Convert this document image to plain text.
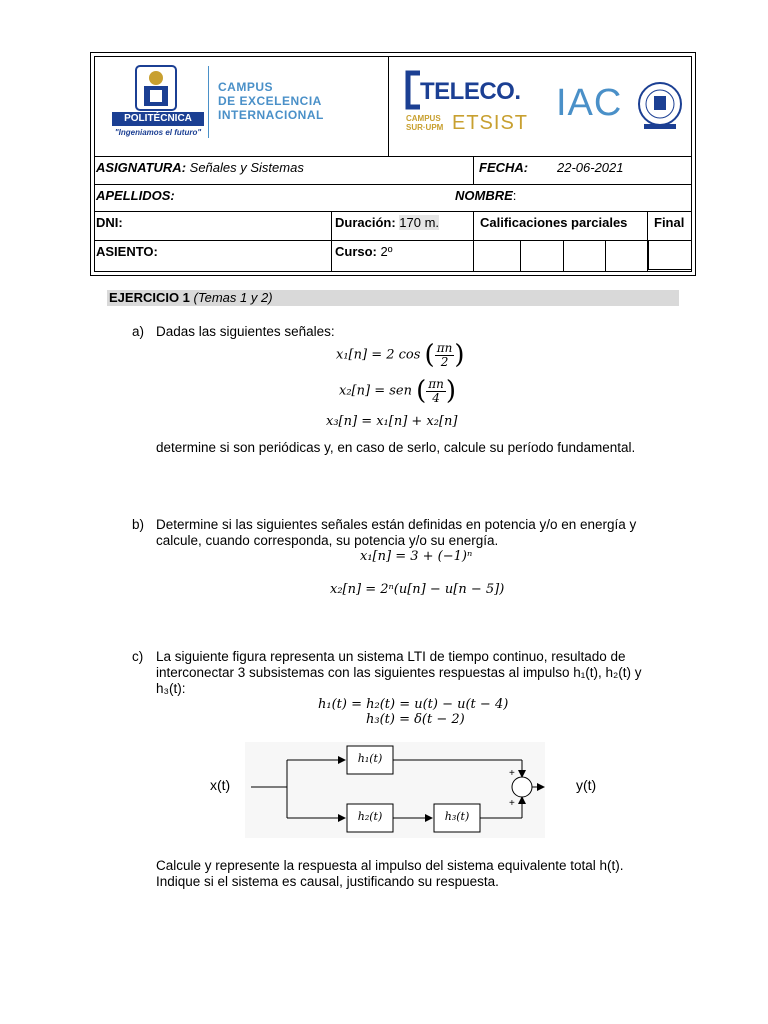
POLITÉCNICA
"Ingeniamos el futuro"
CAMPUS
DE EXCELENCIA
INTERNACIONAL
TELECO.
CAMPUS
SUR·UPM ETSIST IAC
ASIGNATURA: Señales y Sistemas	FECHA: 22-06-2021
APELLIDOS:	NOMBRE:
DNI:	Duración: 170 m.	Calificaciones parciales Final
ASIENTO:	Curso: 2º
EJERCICIO 1 (Temas 1 y 2)
a) Dadas las siguientes señales:
x₁[n] = 2 cos ( $\frac{\pi n}{2}$ )
x₂[n] = sen ( $\frac{\pi n}{4}$ )
x₃[n] = x₁[n] + x₂[n]
determine si son periódicas y, en caso de serlo, calcule su período fundamental.
b) Determine si las siguientes señales están definidas en potencia y/o en energía y
calcule, cuando corresponda, su potencia y/o su energía.
x₁[n] = 3 + (−1)ⁿ
x₂[n] = 2ⁿ(u[n] − u[n − 5])
c) La siguiente figura representa un sistema LTI de tiempo continuo, resultado de
interconectar 3 subsistemas con las siguientes respuestas al impulso h₁(t), h₂(t) y
h₃(t):
h₁(t) = h₂(t) = u(t) − u(t − 4)
h₃(t) = δ(t − 2)
h₁(t)
h₂(t)	h₃(t)
+
+
x(t)	y(t)
Calcule y represente la respuesta al impulso del sistema equivalente total h(t).
Indique si el sistema es causal, justificando su respuesta.
